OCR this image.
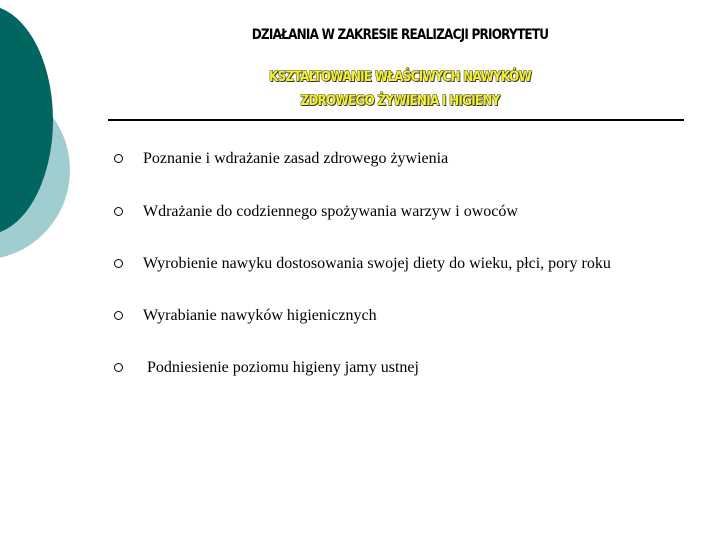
DZIAŁANIA W ZAKRESIE REALIZACJI PRIORYTETU
KSZTAŁTOWANIE WŁAŚCIWYCH NAWYKÓW
ZDROWEGO ŻYWIENIA I HIGIENY
Poznanie i wdrażanie zasad zdrowego żywienia
Wdrażanie do codziennego spożywania warzyw i owoców
Wyrobienie nawyku dostosowania swojej diety do wieku, płci, pory roku
Wyrabianie nawyków higienicznych
Podniesienie poziomu higieny jamy ustnej
